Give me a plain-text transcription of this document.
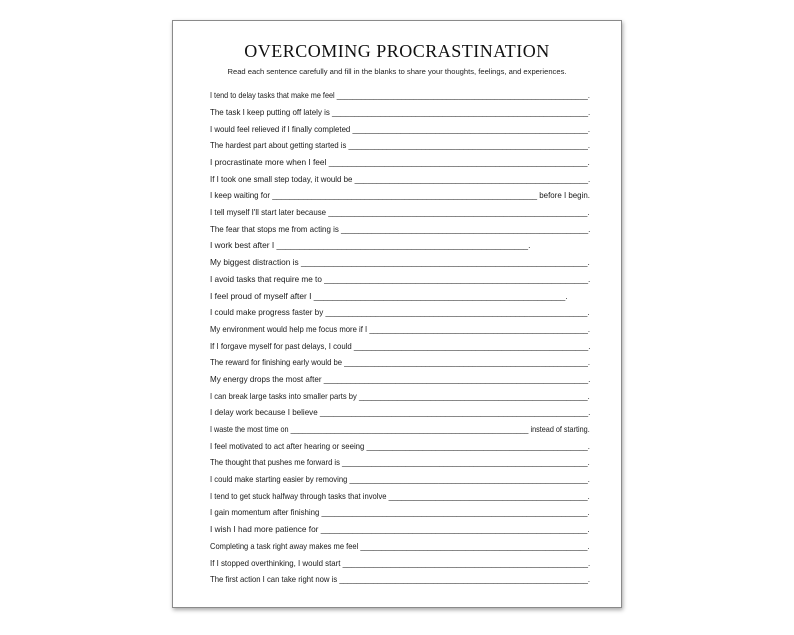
OVERCOMING PROCRASTINATION

Read each sentence carefully and fill in the blanks to share your thoughts, feelings, and experiences.

I tend to delay tasks that make me feel ______________________________________________________________.
The task I keep putting off lately is __________________________________________________________.
I would feel relieved if I finally completed ______________________________________________________.
The hardest part about getting started is ________________________________________________________.
I procrastinate more when I feel ________________________________________________________.
If I took one small step today, it would be _____________________________________________________.
I keep waiting for ____________________________________________________________ before I begin.
I tell myself I'll start later because ___________________________________________________________.
The fear that stops me from acting is ________________________________________________________.
I work best after I ______________________________________________________.
My biggest distraction is ______________________________________________________________.
I avoid tasks that require me to __________________________________________________________.
I feel proud of myself after I ______________________________________________________.
I could make progress faster by __________________________________________________________.
My environment would help me focus more if I ___________________________________________________.
If I forgave myself for past delays, I could ______________________________________________________.
The reward for finishing early would be _________________________________________________________.
My energy drops the most after ___________________________________________________________.
I can break large tasks into smaller parts by ______________________________________________________.
I delay work because I believe ____________________________________________________________.
I waste the most time on ___________________________________________________________ instead of starting.
I feel motivated to act after hearing or seeing ___________________________________________________.
The thought that pushes me forward is __________________________________________________________.
I could make starting easier by removing ________________________________________________________.
I tend to get stuck halfway through tasks that involve _______________________________________________.
I gain momentum after finishing _____________________________________________________________.
I wish I had more patience for __________________________________________________________.
Completing a task right away makes me feel ______________________________________________________.
If I stopped overthinking, I would start ________________________________________________________.
The first action I can take right now is __________________________________________________________.
